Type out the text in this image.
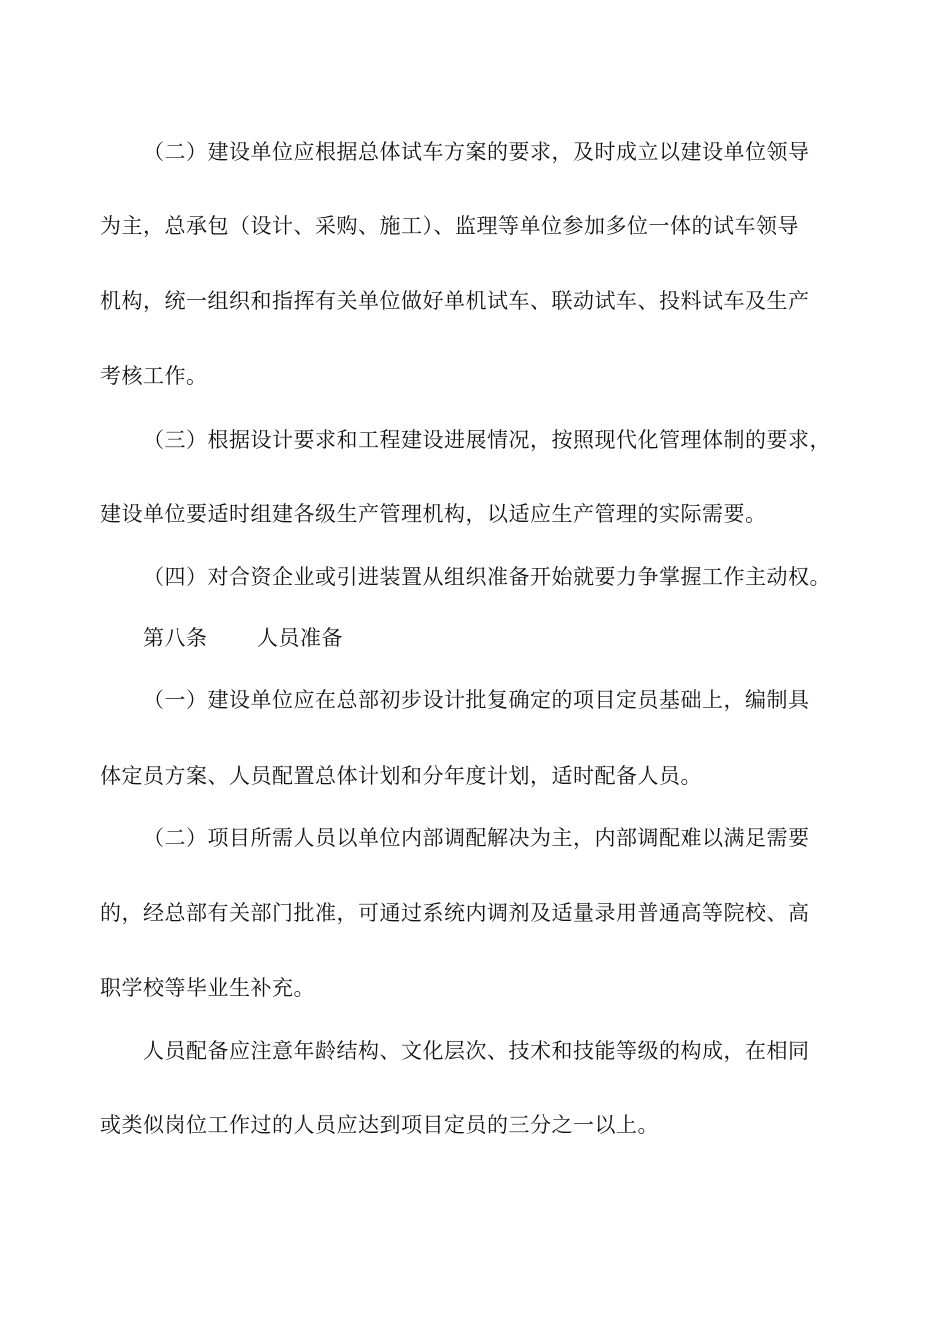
（二）建设单位应根据总体试车方案的要求，及时成立以建设单位领导
为主，总承包（设计、采购、施工）、监理等单位参加多位一体的试车领导
机构，统一组织和指挥有关单位做好单机试车、联动试车、投料试车及生产
考核工作。
（三）根据设计要求和工程建设进展情况，按照现代化管理体制的要求，
建设单位要适时组建各级生产管理机构，以适应生产管理的实际需要。
（四）对合资企业或引进装置从组织准备开始就要力争掌握工作主动权。
第八条 人员准备
（一）建设单位应在总部初步设计批复确定的项目定员基础上，编制具
体定员方案、人员配置总体计划和分年度计划，适时配备人员。
（二）项目所需人员以单位内部调配解决为主，内部调配难以满足需要
的，经总部有关部门批准，可通过系统内调剂及适量录用普通高等院校、高
职学校等毕业生补充。
人员配备应注意年龄结构、文化层次、技术和技能等级的构成，在相同
或类似岗位工作过的人员应达到项目定员的三分之一以上。
